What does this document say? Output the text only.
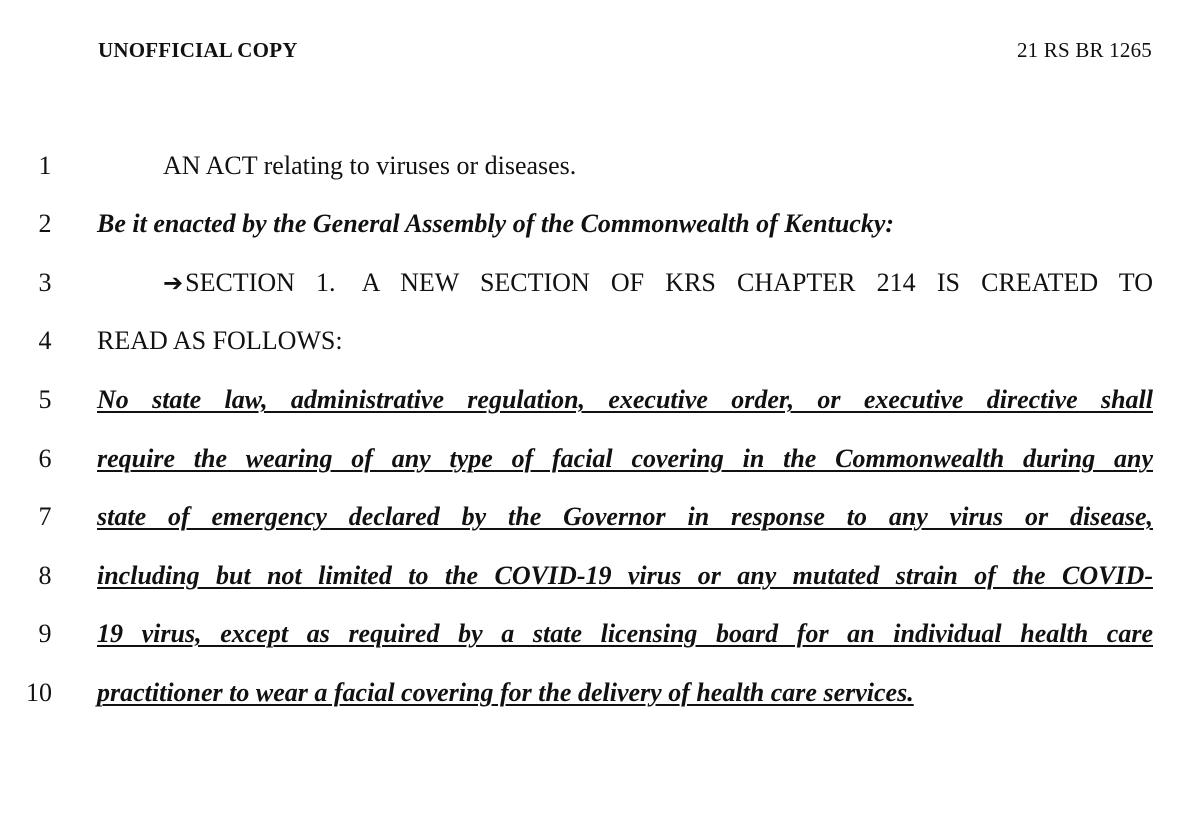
UNOFFICIAL COPY	21 RS BR 1265
1	AN ACT relating to viruses or diseases.
2	Be it enacted by the General Assembly of the Commonwealth of Kentucky:
3	➔SECTION 1. A NEW SECTION OF KRS CHAPTER 214 IS CREATED TO
4	READ AS FOLLOWS:
5	No state law, administrative regulation, executive order, or executive directive shall
6	require the wearing of any type of facial covering in the Commonwealth during any
7	state of emergency declared by the Governor in response to any virus or disease,
8	including but not limited to the COVID-19 virus or any mutated strain of the COVID-
9	19 virus, except as required by a state licensing board for an individual health care
10	practitioner to wear a facial covering for the delivery of health care services.
